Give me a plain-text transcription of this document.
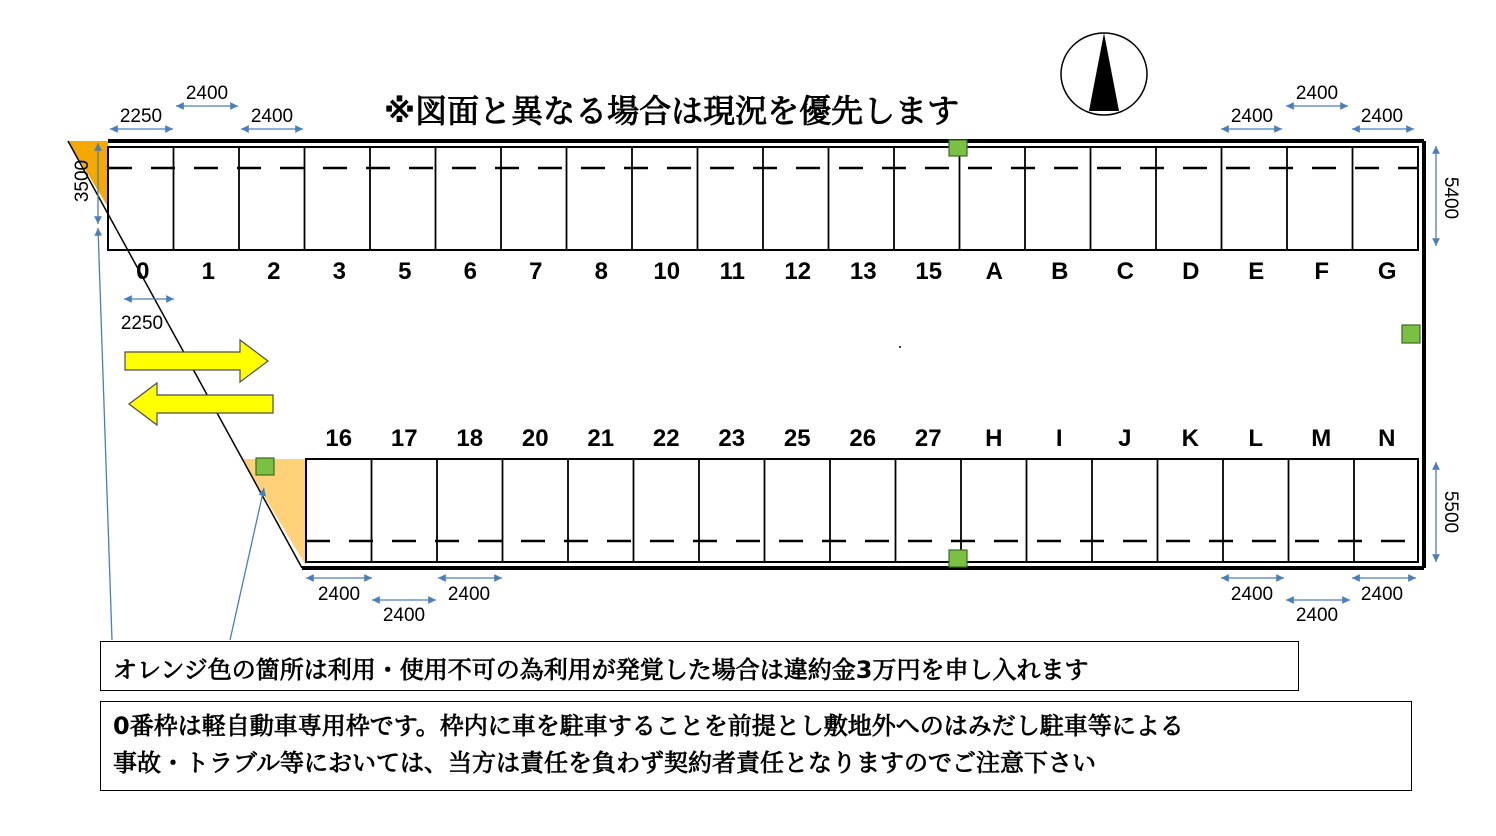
0 1 2 3 5 6 7 8 10 11 12 13 15 A B C D E F G
16 17 18 20 21 22 23 25 26 27 H I J K L M N
2250
2400
2400	2400
2400
2400
2250
2400
2400
2400	2400
2400
2400
3500	5400
5500
※図面と異なる場合は現況を優先します
オレンジ色の箇所は利用・使用不可の為利用が発覚した場合は違約金3万円を申し入れます
0番枠は軽自動車専用枠です。枠内に車を駐車することを前提とし敷地外へのはみだし駐車等による
事故・トラブル等においては、当方は責任を負わず契約者責任となりますのでご注意下さい
